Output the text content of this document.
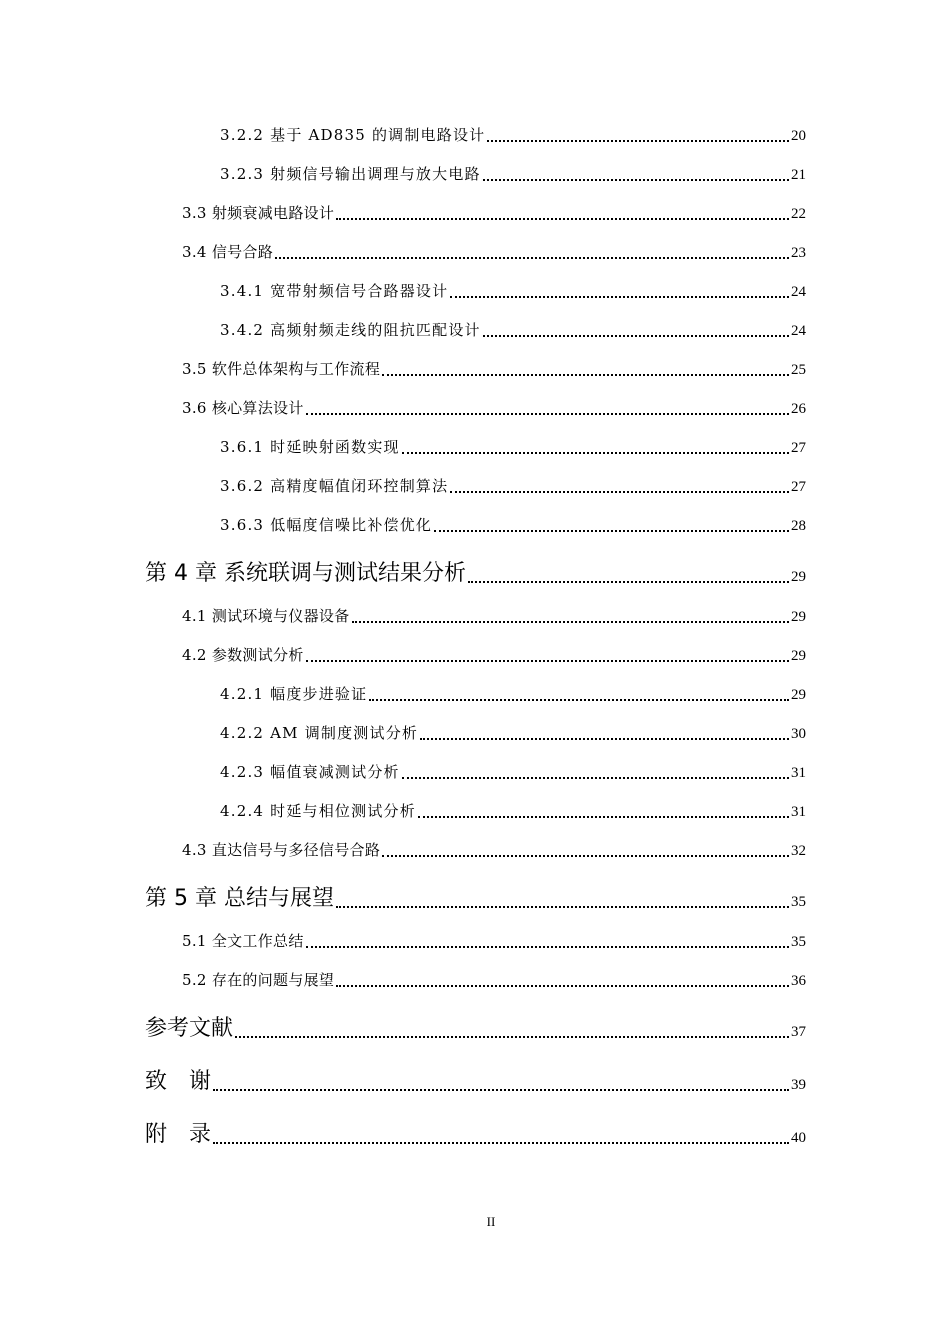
3.2.2 基于 AD835 的调制电路设计	20
3.2.3 射频信号输出调理与放大电路	21
3.3 射频衰减电路设计	22
3.4 信号合路	23
3.4.1 宽带射频信号合路器设计	24
3.4.2 高频射频走线的阻抗匹配设计	24
3.5 软件总体架构与工作流程	25
3.6 核心算法设计	26
3.6.1 时延映射函数实现	27
3.6.2 高精度幅值闭环控制算法	27
3.6.3 低幅度信噪比补偿优化	28
第 4 章 系统联调与测试结果分析	29
4.1 测试环境与仪器设备	29
4.2 参数测试分析	29
4.2.1 幅度步进验证	29
4.2.2 AM 调制度测试分析	30
4.2.3 幅值衰减测试分析	31
4.2.4 时延与相位测试分析	31
4.3 直达信号与多径信号合路	32
第 5 章 总结与展望	35
5.1 全文工作总结	35
5.2 存在的问题与展望	36
参考文献	37
致　谢	39
附　录	40
II
